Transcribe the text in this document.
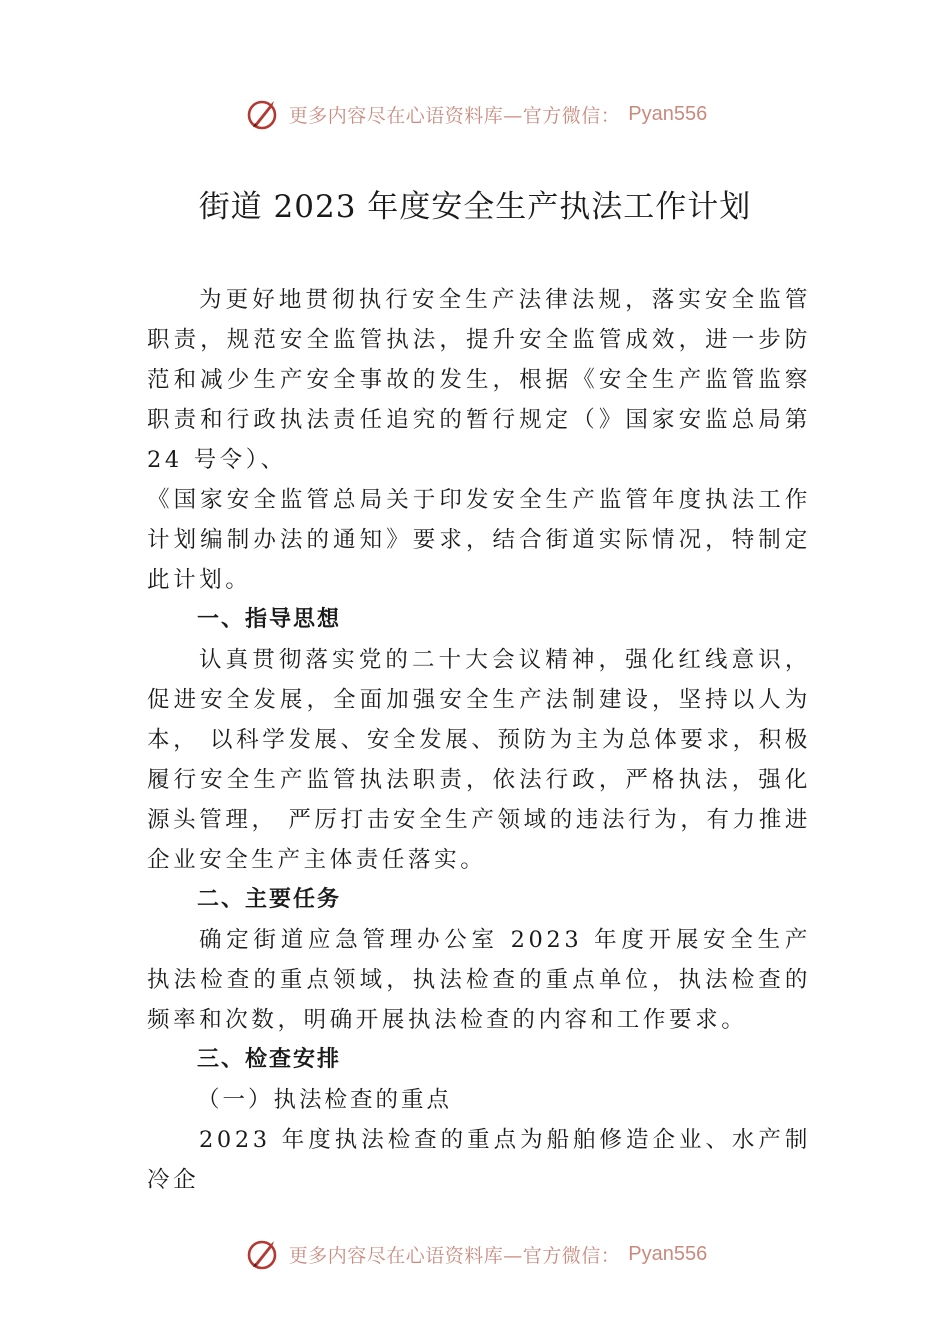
更多内容尽在心语资料库—官方微信： Pyan556
街道 2023 年度安全生产执法工作计划

为更好地贯彻执行安全生产法律法规，落实安全监管职责，规范安全监管执法，提升安全监管成效，进一步防范和减少生产安全事故的发生，根据《安全生产监管监察职责和行政执法责任追究的暂行规定（》国家安监总局第 24 号令）、

《国家安全监管总局关于印发安全生产监管年度执法工作计划编制办法的通知》要求，结合街道实际情况，特制定此计划。

一、指导思想

认真贯彻落实党的二十大会议精神，强化红线意识，促进安全发展，全面加强安全生产法制建设，坚持以人为本， 以科学发展、安全发展、预防为主为总体要求，积极履行安全生产监管执法职责，依法行政，严格执法，强化源头管理， 严厉打击安全生产领域的违法行为，有力推进企业安全生产主体责任落实。

二、主要任务

确定街道应急管理办公室 2023 年度开展安全生产执法检查的重点领域，执法检查的重点单位，执法检查的频率和次数，明确开展执法检查的内容和工作要求。

三、检查安排

（一）执法检查的重点

2023 年度执法检查的重点为船舶修造企业、水产制冷企

更多内容尽在心语资料库—官方微信： Pyan556
